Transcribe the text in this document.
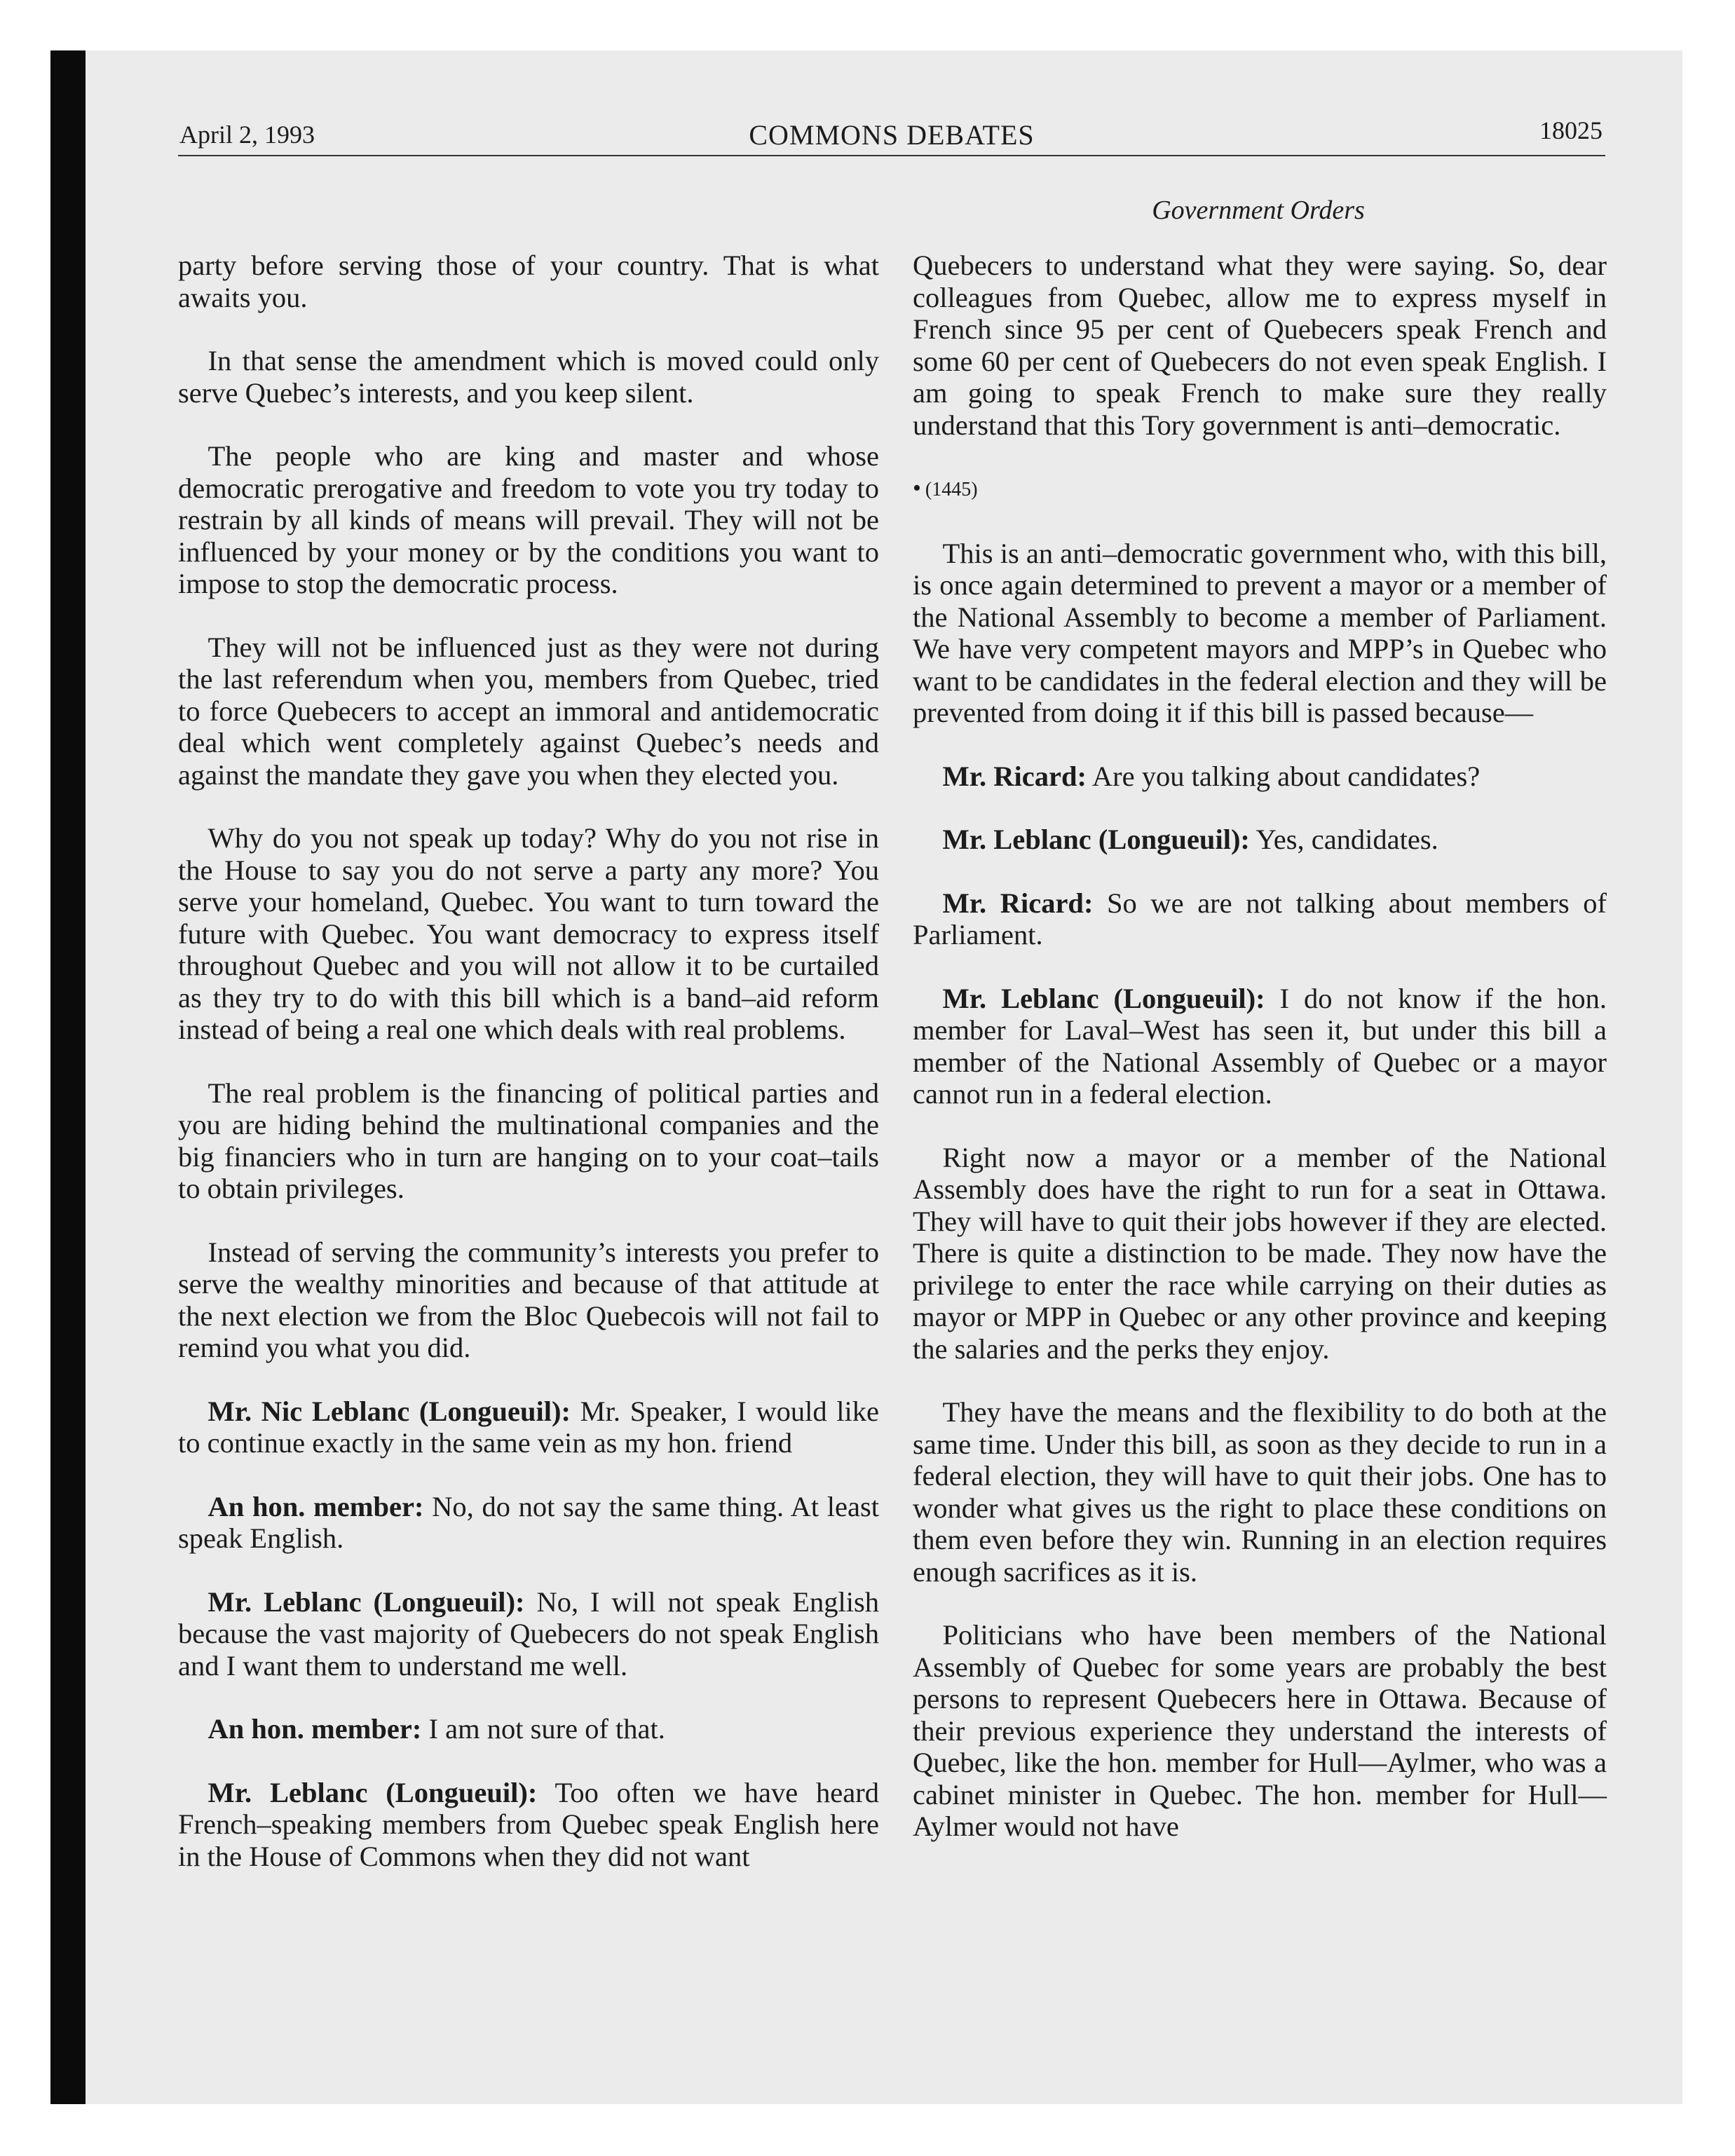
April 2, 1993	COMMONS DEBATES	18025
Government Orders

party before serving those of your country. That is what awaits you.

In that sense the amendment which is moved could only serve Quebec’s interests, and you keep silent.

The people who are king and master and whose democratic prerogative and freedom to vote you try today to restrain by all kinds of means will prevail. They will not be influenced by your money or by the conditions you want to impose to stop the democratic process.

They will not be influenced just as they were not during the last referendum when you, members from Quebec, tried to force Quebecers to accept an immoral and antidemocratic deal which went completely against Quebec’s needs and against the mandate they gave you when they elected you.

Why do you not speak up today? Why do you not rise in the House to say you do not serve a party any more? You serve your homeland, Quebec. You want to turn toward the future with Quebec. You want democracy to express itself throughout Quebec and you will not allow it to be curtailed as they try to do with this bill which is a band–aid reform instead of being a real one which deals with real problems.

The real problem is the financing of political parties and you are hiding behind the multinational companies and the big financiers who in turn are hanging on to your coat–tails to obtain privileges.

Instead of serving the community’s interests you prefer to serve the wealthy minorities and because of that attitude at the next election we from the Bloc Quebecois will not fail to remind you what you did.

Mr. Nic Leblanc (Longueuil): Mr. Speaker, I would like to continue exactly in the same vein as my hon. friend

An hon. member: No, do not say the same thing. At least speak English.

Mr. Leblanc (Longueuil): No, I will not speak English because the vast majority of Quebecers do not speak English and I want them to understand me well.

An hon. member: I am not sure of that.

Mr. Leblanc (Longueuil): Too often we have heard French–speaking members from Quebec speak English here in the House of Commons when they did not want

Quebecers to understand what they were saying. So, dear colleagues from Quebec, allow me to express myself in French since 95 per cent of Quebecers speak French and some 60 per cent of Quebecers do not even speak English. I am going to speak French to make sure they really understand that this Tory government is anti–democratic.

• (1445)

This is an anti–democratic government who, with this bill, is once again determined to prevent a mayor or a member of the National Assembly to become a member of Parliament. We have very competent mayors and MPP’s in Quebec who want to be candidates in the federal election and they will be prevented from doing it if this bill is passed because—

Mr. Ricard: Are you talking about candidates?

Mr. Leblanc (Longueuil): Yes, candidates.

Mr. Ricard: So we are not talking about members of Parliament.

Mr. Leblanc (Longueuil): I do not know if the hon. member for Laval–West has seen it, but under this bill a member of the National Assembly of Quebec or a mayor cannot run in a federal election.

Right now a mayor or a member of the National Assembly does have the right to run for a seat in Ottawa. They will have to quit their jobs however if they are elected. There is quite a distinction to be made. They now have the privilege to enter the race while carrying on their duties as mayor or MPP in Quebec or any other province and keeping the salaries and the perks they enjoy.

They have the means and the flexibility to do both at the same time. Under this bill, as soon as they decide to run in a federal election, they will have to quit their jobs. One has to wonder what gives us the right to place these conditions on them even before they win. Running in an election requires enough sacrifices as it is.

Politicians who have been members of the National Assembly of Quebec for some years are probably the best persons to represent Quebecers here in Ottawa. Because of their previous experience they understand the interests of Quebec, like the hon. member for Hull—Aylmer, who was a cabinet minister in Quebec. The hon. member for Hull—Aylmer would not have
